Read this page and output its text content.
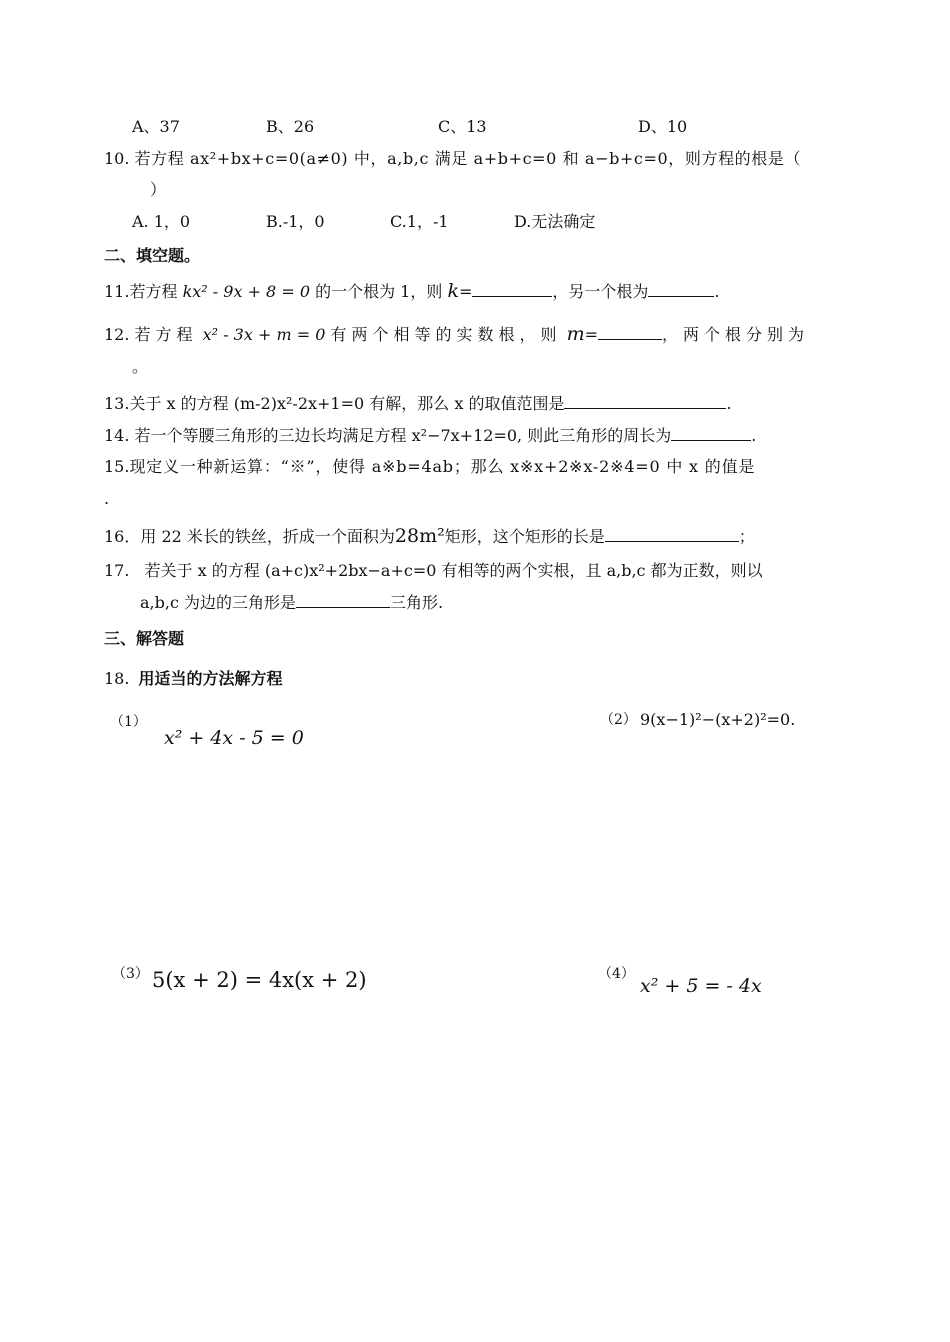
A、37	B、26	C、13	D、10
10. 若方程 ax²+bx+c=0(a≠0) 中，a,b,c 满足 a+b+c=0 和 a−b+c=0，则方程的根是（
）
A. 1，0	B.-1，0	C.1，-1	D.无法确定
二、填空题。
11.若方程 kx² - 9x + 8 = 0 的一个根为 1，则 k=	，另一个根为	.
12. 若方程 x² - 3x + m = 0 有两个相等的实数根，则 m=	，两个根分别为
。
13.关于 x 的方程 (m-2)x²-2x+1=0 有解，那么 x 的取值范围是	.
14. 若一个等腰三角形的三边长均满足方程 x²−7x+12=0, 则此三角形的周长为	.
15.现定义一种新运算：“※”，使得 a※b=4ab；那么 x※x+2※x-2※4=0 中 x 的值是
.
16．用 22 米长的铁丝，折成一个面积为28m²矩形，这个矩形的长是	；
17. 若关于 x 的方程 (a+c)x²+2bx−a+c=0 有相等的两个实根，且 a,b,c 都为正数，则以
a,b,c 为边的三角形是	三角形.
三、解答题
18. 用适当的方法解方程
（1）
x² + 4x - 5 = 0
（2） 9(x−1)²−(x+2)²=0.
（3） 5(x + 2) = 4x(x + 2)	（4）
x² + 5 = - 4x
